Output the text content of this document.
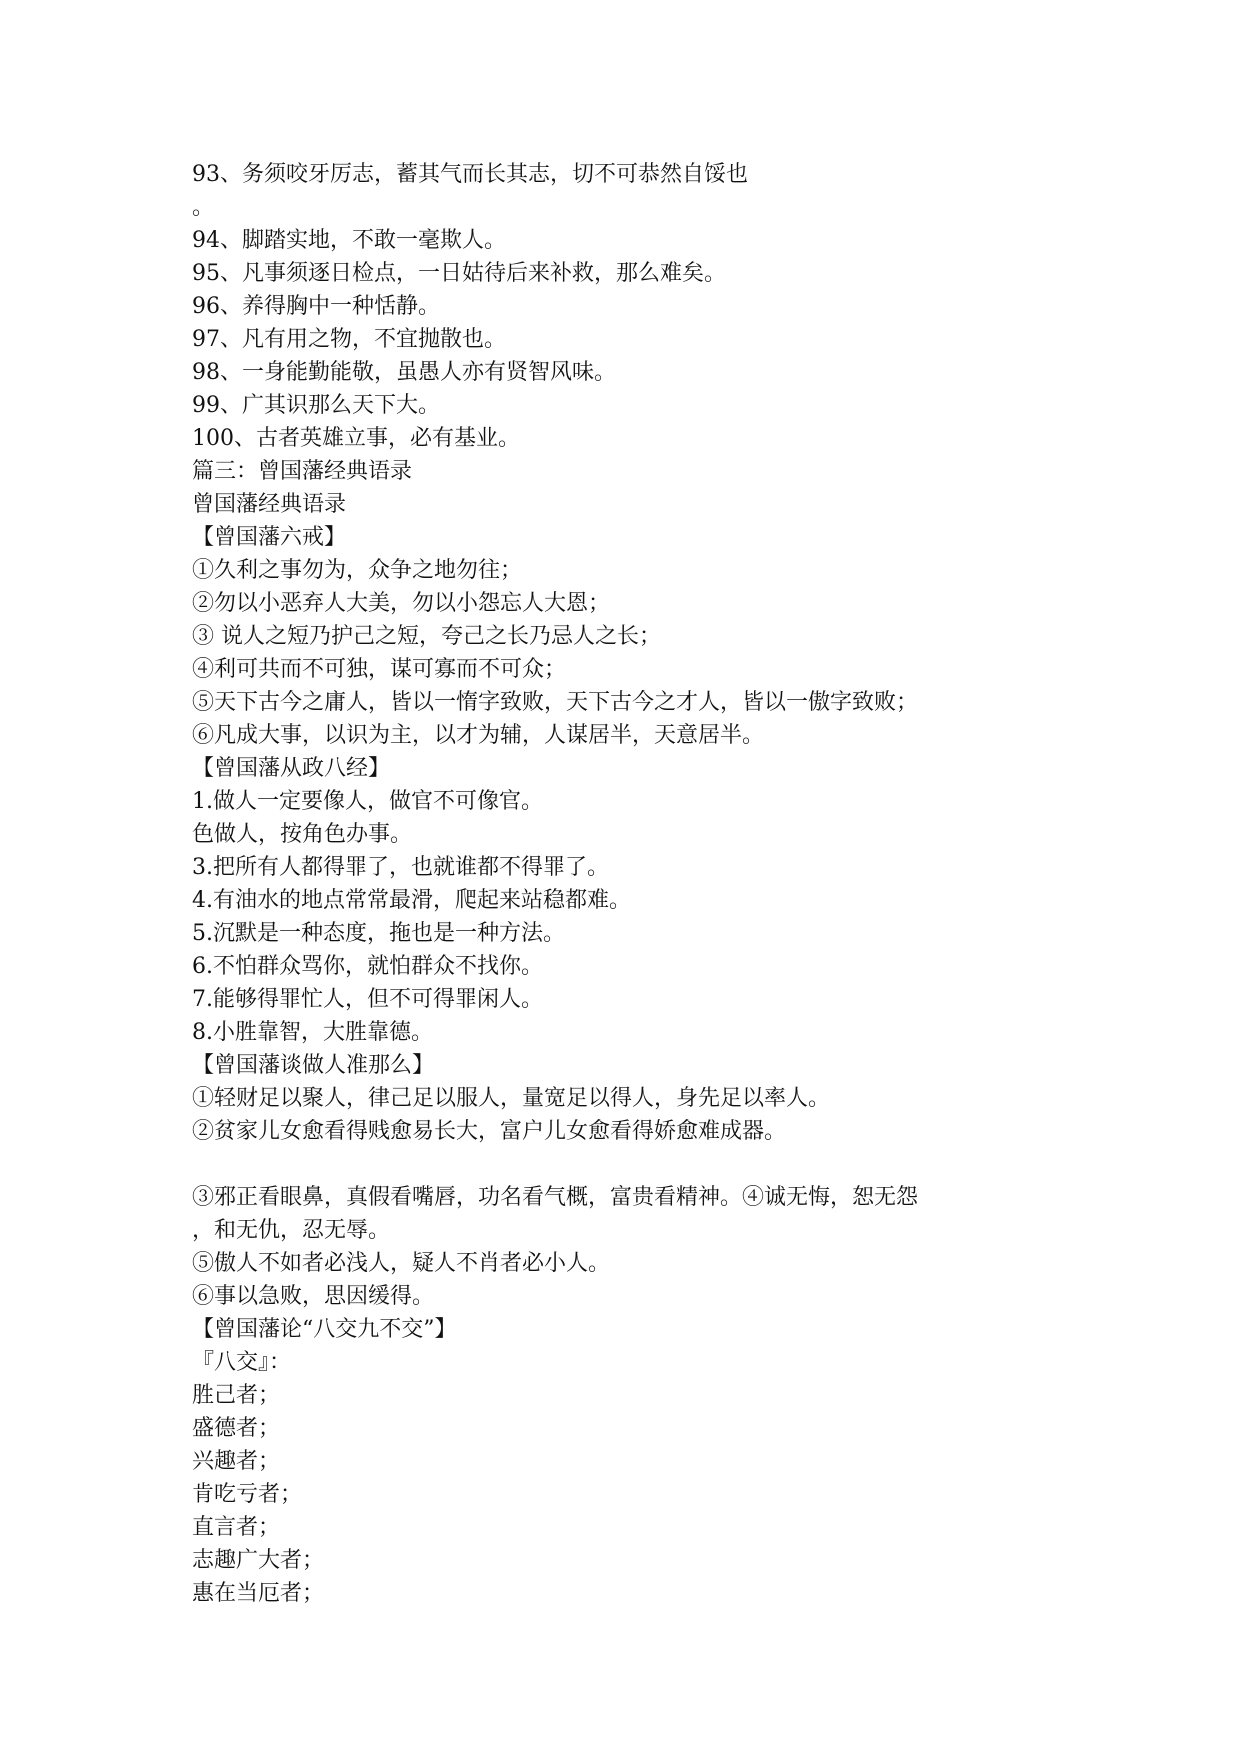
93、务须咬牙厉志，蓄其气而长其志，切不可恭然自馁也
。
94、脚踏实地，不敢一毫欺人。
95、凡事须逐日检点，一日姑待后来补救，那么难矣。
96、养得胸中一种恬静。
97、凡有用之物，不宜抛散也。
98、一身能勤能敬，虽愚人亦有贤智风味。
99、广其识那么天下大。
100、古者英雄立事，必有基业。
篇三：曾国藩经典语录
曾国藩经典语录
【曾国藩六戒】
①久利之事勿为，众争之地勿往；
②勿以小恶弃人大美，勿以小怨忘人大恩；
③ 说人之短乃护己之短，夸己之长乃忌人之长；
④利可共而不可独，谋可寡而不可众；
⑤天下古今之庸人，皆以一惰字致败，天下古今之才人，皆以一傲字致败；
⑥凡成大事，以识为主，以才为辅，人谋居半，天意居半。
【曾国藩从政八经】
1.做人一定要像人，做官不可像官。
色做人，按角色办事。
3.把所有人都得罪了，也就谁都不得罪了。
4.有油水的地点常常最滑，爬起来站稳都难。
5.沉默是一种态度，拖也是一种方法。
6.不怕群众骂你，就怕群众不找你。
7.能够得罪忙人，但不可得罪闲人。
8.小胜靠智，大胜靠德。
【曾国藩谈做人准那么】
①轻财足以聚人，律己足以服人，量宽足以得人，身先足以率人。
②贫家儿女愈看得贱愈易长大，富户儿女愈看得娇愈难成器。
③邪正看眼鼻，真假看嘴唇，功名看气概，富贵看精神。④诚无悔，恕无怨
，和无仇，忍无辱。
⑤傲人不如者必浅人，疑人不肖者必小人。
⑥事以急败，思因缓得。
【曾国藩论“八交九不交”】
『八交』：
胜己者；
盛德者；
兴趣者；
肯吃亏者；
直言者；
志趣广大者；
惠在当厄者；
